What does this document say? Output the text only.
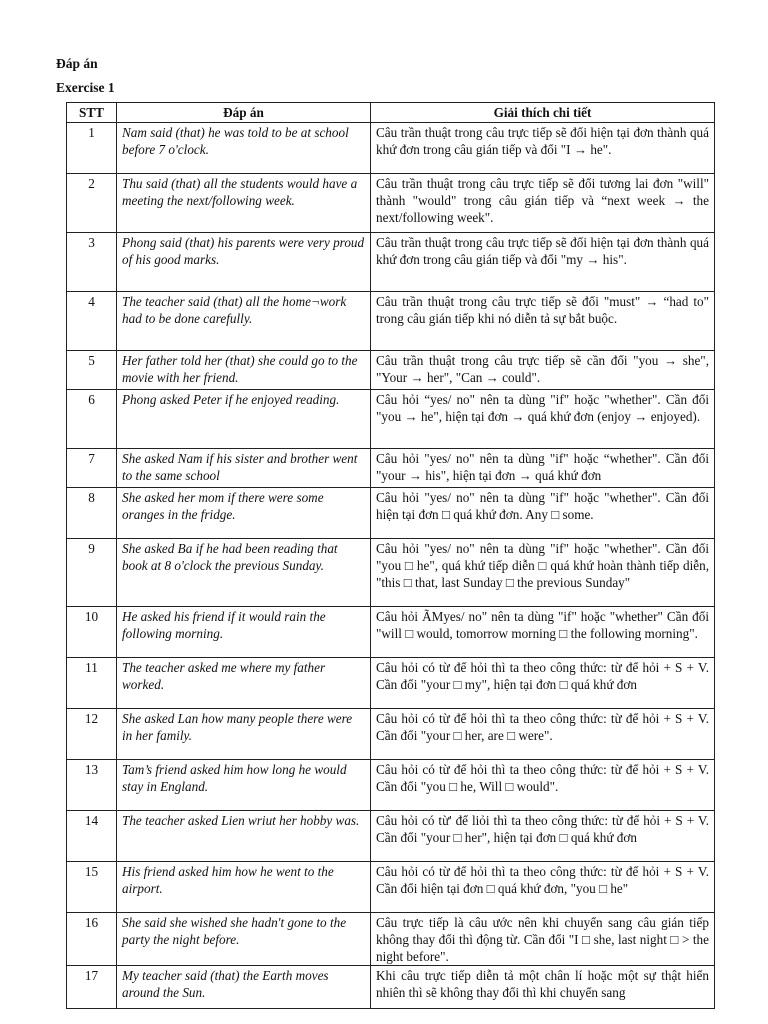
Đáp án
Exercise 1
STT	Đáp án	Giải thích chi tiết
1	Nam said (that) he was told to be at school before 7 o'clock.	Câu trần thuật trong câu trực tiếp sẽ đổi hiện tại đơn thành quá khứ đơn trong câu gián tiếp và đổi "I → he".
2	Thu said (that) all the students would have a meeting the next/following week.	Câu trần thuật trong câu trực tiếp sẽ đổi tương lai đơn "will" thành "would" trong câu gián tiếp và “next week → the next/following week".
3	Phong said (that) his parents were very proud of his good marks.	Câu trần thuật trong câu trực tiếp sẽ đổi hiện tại đơn thành quá khứ đơn trong câu gián tiếp và đổi "my → his".
4	The teacher said (that) all the home¬work had to be done carefully.	Câu trần thuật trong câu trực tiếp sẽ đổi "must" → “had to" trong câu gián tiếp khi nó diễn tả sự bắt buộc.
5	Her father told her (that) she could go to the movie with her friend.	Câu trần thuật trong câu trực tiếp sẽ cần đổi "you → she", "Your → her", "Can → could".
6	Phong asked Peter if he enjoyed reading.	Câu hỏi “yes/ no" nên ta dùng "if" hoặc "whether". Cần đổi "you → he", hiện tại đơn → quá khứ đơn (enjoy → enjoyed).
7	She asked Nam if his sister and brother went to the same school	Câu hỏi "yes/ no" nên ta dùng "if" hoặc “whether". Cần đổi "your → his", hiện tại đơn → quá khứ đơn
8	She asked her mom if there were some oranges in the fridge.	Câu hỏi "yes/ no" nên ta dùng "if" hoặc "whether". Cần đổi hiện tại đơn □ quá khứ đơn. Any □ some.
9	She asked Ba if he had been reading that book at 8 o'clock the previous Sunday.	Câu hỏi "yes/ no" nên ta dùng "if" hoặc "whether". Cần đổi "you □ he", quá khứ tiếp diễn □ quá khứ hoàn thành tiếp diễn, "this □ that, last Sunday □ the previous Sunday"
10	He asked his friend if it would rain the following morning.	Câu hỏi ÃMyes/ no" nên ta dùng "if" hoặc "whether" Cần đổi "will □ would, tomorrow morning □ the following morning".
11	The teacher asked me where my father worked.	Câu hỏi có từ để hỏi thì ta theo công thức: từ để hỏi + S + V. Cần đổi "your □ my", hiện tại đơn □ quá khứ đơn
12	She asked Lan how many people there were in her family.	Câu hỏi có từ để hỏi thì ta theo công thức: từ để hỏi + S + V. Cần đổi "your □ her, are □ were".
13	Tam’s friend asked him how long he would stay in England.	Câu hỏi có từ để hỏi thì ta theo công thức: từ để hỏi + S + V. Cần đổi "you □ he, Will □ would".
14	The teacher asked Lien wriut her hobby was.	Câu hỏi có từ' để liỏi thì ta theo công thức: từ để hỏi + S + V. Cần đổi "your □ her", hiện tại đơn □ quá khứ đơn
15	His friend asked him how he went to the airport.	Câu hỏi có từ để hỏi thì ta theo công thức: từ để hỏi + S + V. Cần đổi hiện tại đơn □ quá khứ đơn, "you □ he"
16	She said she wished she hadn't gone to the party the night before.	Câu trực tiếp là câu ước nên khi chuyển sang câu gián tiếp không thay đổi thì động từ. Cần đổi "I □ she, last night □ > the night before".
17	My teacher said (that) the Earth moves around the Sun.	Khi câu trực tiếp diễn tả một chân lí hoặc một sự thật hiển nhiên thì sẽ không thay đổi thì khi chuyển sang
